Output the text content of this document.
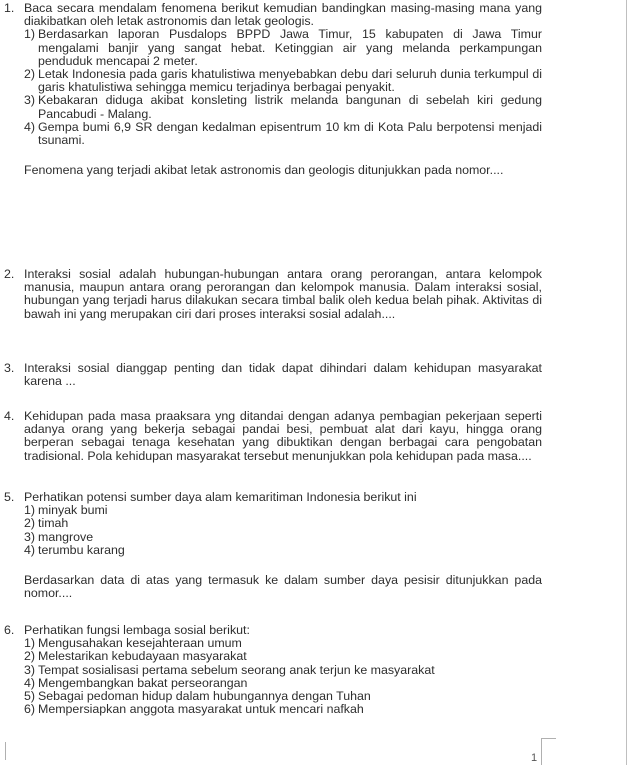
1. Baca secara mendalam fenomena berikut kemudian bandingkan masing-masing mana yang diakibatkan oleh letak astronomis dan letak geologis.
1) Berdasarkan laporan Pusdalops BPPD Jawa Timur, 15 kabupaten di Jawa Timur mengalami banjir yang sangat hebat. Ketinggian air yang melanda perkampungan penduduk mencapai 2 meter.
2) Letak Indonesia pada garis khatulistiwa menyebabkan debu dari seluruh dunia terkumpul di garis khatulistiwa sehingga memicu terjadinya berbagai penyakit.
3) Kebakaran diduga akibat konsleting listrik melanda bangunan di sebelah kiri gedung Pancabudi - Malang.
4) Gempa bumi 6,9 SR dengan kedalman episentrum 10 km di Kota Palu berpotensi menjadi tsunami.
Fenomena yang terjadi akibat letak astronomis dan geologis ditunjukkan pada nomor....
2. Interaksi sosial adalah hubungan-hubungan antara orang perorangan, antara kelompok manusia, maupun antara orang perorangan dan kelompok manusia. Dalam interaksi sosial, hubungan yang terjadi harus dilakukan secara timbal balik oleh kedua belah pihak. Aktivitas di bawah ini yang merupakan ciri dari proses interaksi sosial adalah....
3. Interaksi sosial dianggap penting dan tidak dapat dihindari dalam kehidupan masyarakat karena ...
4. Kehidupan pada masa praaksara yng ditandai dengan adanya pembagian pekerjaan seperti adanya orang yang bekerja sebagai pandai besi, pembuat alat dari kayu, hingga orang berperan sebagai tenaga kesehatan yang dibuktikan dengan berbagai cara pengobatan tradisional. Pola kehidupan masyarakat tersebut menunjukkan pola kehidupan pada masa....
5. Perhatikan potensi sumber daya alam kemaritiman Indonesia berikut ini
1) minyak bumi
2) timah
3) mangrove
4) terumbu karang
Berdasarkan data di atas yang termasuk ke dalam sumber daya pesisir ditunjukkan pada nomor....
6. Perhatikan fungsi lembaga sosial berikut:
1) Mengusahakan kesejahteraan umum
2) Melestarikan kebudayaan masyarakat
3) Tempat sosialisasi pertama sebelum seorang anak terjun ke masyarakat
4) Mengembangkan bakat perseorangan
5) Sebagai pedoman hidup dalam hubungannya dengan Tuhan
6) Mempersiapkan anggota masyarakat untuk mencari nafkah
1
